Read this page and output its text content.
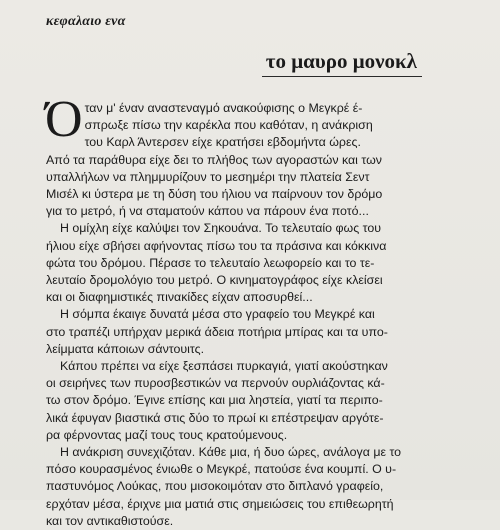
κεφαλαιο ενα
το μαυρο μονοκλ
Ό ταν μ' έναν αναστεναγμό ανακούφισης ο Μεγκρέ έ-
σπρωξε πίσω την καρέκλα που καθόταν, η ανάκριση
του Καρλ Άντερσεν είχε κρατήσει εβδομήντα ώρες.
Από τα παράθυρα είχε δει το πλήθος των αγοραστών και των
υπαλλήλων να πλημμυρίζουν το μεσημέρι την πλατεία Σεντ
Μισέλ κι ύστερα με τη δύση του ήλιου να παίρνουν τον δρόμο
για το μετρό, ή να σταματούν κάπου να πάρουν ένα ποτό...
Η ομίχλη είχε καλύψει τον Σηκουάνα. Το τελευταίο φως του
ήλιου είχε σβήσει αφήνοντας πίσω του τα πράσινα και κόκκινα
φώτα του δρόμου. Πέρασε το τελευταίο λεωφορείο και το τε-
λευταίο δρομολόγιο του μετρό. Ο κινηματογράφος είχε κλείσει
και οι διαφημιστικές πινακίδες είχαν αποσυρθεί...
Η σόμπα έκαιγε δυνατά μέσα στο γραφείο του Μεγκρέ και
στο τραπέζι υπήρχαν μερικά άδεια ποτήρια μπίρας και τα υπο-
λείμματα κάποιων σάντουιτς.
Κάπου πρέπει να είχε ξεσπάσει πυρκαγιά, γιατί ακούστηκαν
οι σειρήνες των πυροσβεστικών να περνούν ουρλιάζοντας κά-
τω στον δρόμο. Έγινε επίσης και μια ληστεία, γιατί τα περιπο-
λικά έφυγαν βιαστικά στις δύο το πρωί κι επέστρεψαν αργότε-
ρα φέρνοντας μαζί τους τους κρατούμενους.
Η ανάκριση συνεχιζόταν. Κάθε μια, ή δυο ώρες, ανάλογα με το
πόσο κουρασμένος ένιωθε ο Μεγκρέ, πατούσε ένα κουμπί. Ο υ-
παστυνόμος Λούκας, που μισοκοιμόταν στο διπλανό γραφείο,
ερχόταν μέσα, έριχνε μια ματιά στις σημειώσεις του επιθεωρητή
και τον αντικαθιστούσε.
